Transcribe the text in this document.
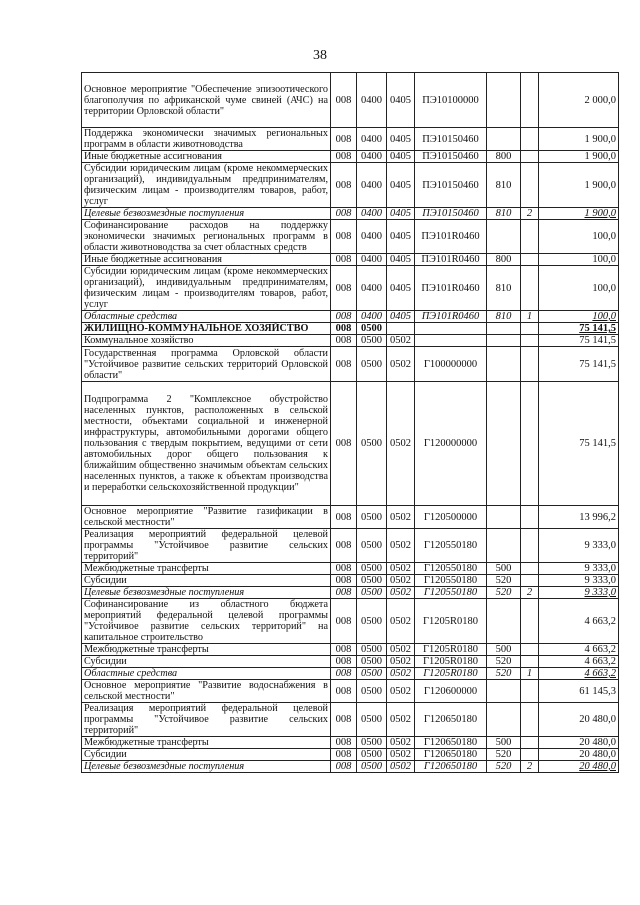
38
Основное мероприятие "Обеспечение эпизоотического благополучия по африканской чуме свиней (АЧС) на территории Орловской области"	008	0400	0405	ПЭ10100000			2 000,0
Поддержка экономически значимых региональных программ в области животноводства	008	0400	0405	ПЭ10150460			1 900,0
Иные бюджетные ассигнования	008	0400	0405	ПЭ10150460	800		1 900,0
Субсидии юридическим лицам (кроме некоммерческих организаций), индивидуальным предпринимателям, физическим лицам - производителям товаров, работ, услуг	008	0400	0405	ПЭ10150460	810		1 900,0
Целевые безвозмездные поступления	008	0400	0405	ПЭ10150460	810	2	1 900,0
Софинансирование расходов на поддержку экономически значимых региональных программ в области животноводства за счет областных средств	008	0400	0405	ПЭ101R0460			100,0
Иные бюджетные ассигнования	008	0400	0405	ПЭ101R0460	800		100,0
Субсидии юридическим лицам (кроме некоммерческих организаций), индивидуальным предпринимателям, физическим лицам - производителям товаров, работ, услуг	008	0400	0405	ПЭ101R0460	810		100,0
Областные средства	008	0400	0405	ПЭ101R0460	810	1	100,0
ЖИЛИЩНО-КОММУНАЛЬНОЕ ХОЗЯЙСТВО	008	0500					75 141,5
Коммунальное хозяйство	008	0500	0502				75 141,5
Государственная программа Орловской области "Устойчивое развитие сельских территорий Орловской области"	008	0500	0502	Г100000000			75 141,5
Подпрограмма 2 "Комплексное обустройство населенных пунктов, расположенных в сельской местности, объектами социальной и инженерной инфраструктуры, автомобильными дорогами общего пользования с твердым покрытием, ведущими от сети автомобильных дорог общего пользования к ближайшим общественно значимым объектам сельских населенных пунктов, а также к объектам производства и переработки сельскохозяйственной продукции"	008	0500	0502	Г120000000			75 141,5
Основное мероприятие "Развитие газификации в сельской местности"	008	0500	0502	Г120500000			13 996,2
Реализация мероприятий федеральной целевой программы "Устойчивое развитие сельских территорий"	008	0500	0502	Г120550180			9 333,0
Межбюджетные трансферты	008	0500	0502	Г120550180	500		9 333,0
Субсидии	008	0500	0502	Г120550180	520		9 333,0
Целевые безвозмездные поступления	008	0500	0502	Г120550180	520	2	9 333,0
Софинансирование из областного бюджета мероприятий федеральной целевой программы "Устойчивое развитие сельских территорий" на капитальное строительство	008	0500	0502	Г1205R0180			4 663,2
Межбюджетные трансферты	008	0500	0502	Г1205R0180	500		4 663,2
Субсидии	008	0500	0502	Г1205R0180	520		4 663,2
Областные средства	008	0500	0502	Г1205R0180	520	1	4 663,2
Основное мероприятие "Развитие водоснабжения в сельской местности"	008	0500	0502	Г120600000			61 145,3
Реализация мероприятий федеральной целевой программы "Устойчивое развитие сельских территорий"	008	0500	0502	Г120650180			20 480,0
Межбюджетные трансферты	008	0500	0502	Г120650180	500		20 480,0
Субсидии	008	0500	0502	Г120650180	520		20 480,0
Целевые безвозмездные поступления	008	0500	0502	Г120650180	520	2	20 480,0
